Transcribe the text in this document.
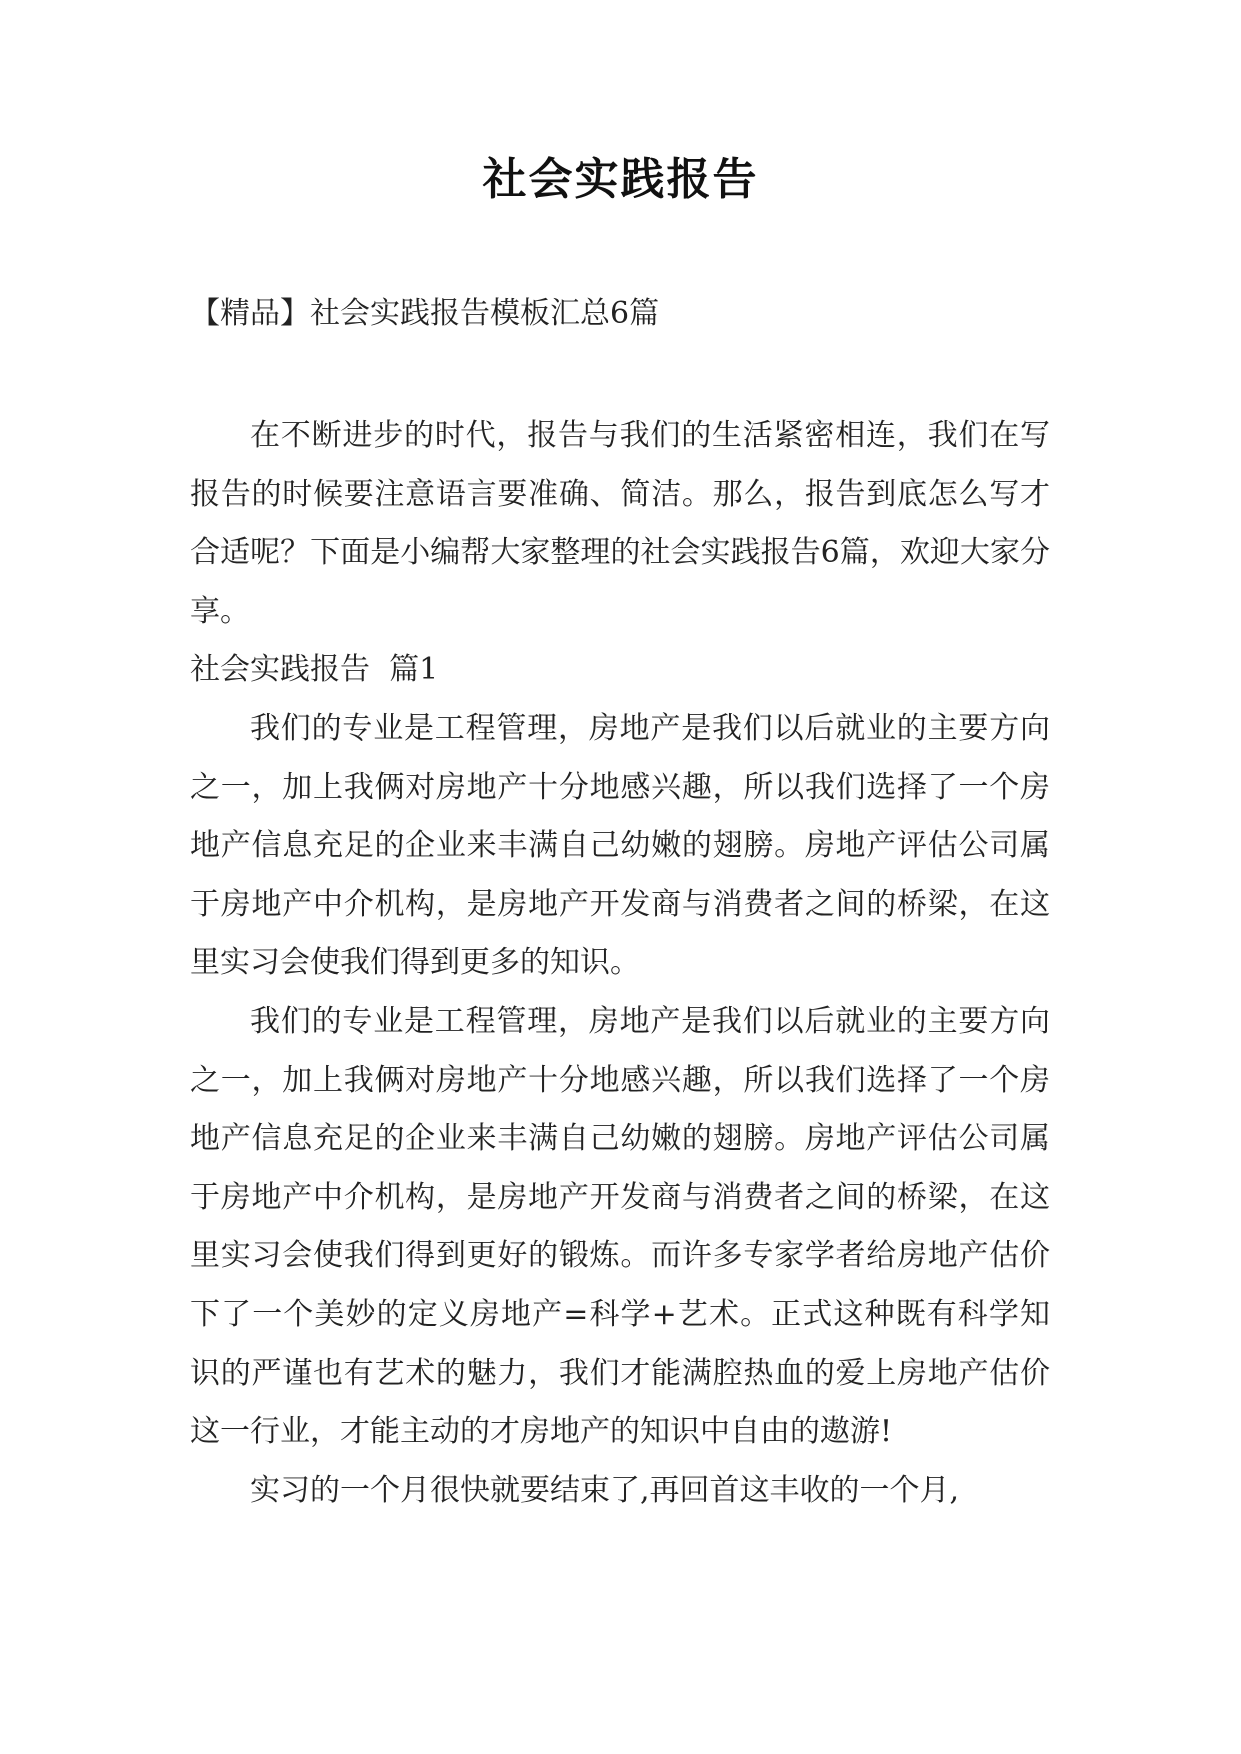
社会实践报告
【精品】社会实践报告模板汇总6篇

在不断进步的时代，报告与我们的生活紧密相连，我们在写报告的时候要注意语言要准确、简洁。那么，报告到底怎么写才合适呢？下面是小编帮大家整理的社会实践报告6篇，欢迎大家分享。

社会实践报告  篇1

我们的专业是工程管理，房地产是我们以后就业的主要方向之一，加上我俩对房地产十分地感兴趣，所以我们选择了一个房地产信息充足的企业来丰满自己幼嫩的翅膀。房地产评估公司属于房地产中介机构，是房地产开发商与消费者之间的桥梁，在这里实习会使我们得到更多的知识。

我们的专业是工程管理，房地产是我们以后就业的主要方向之一，加上我俩对房地产十分地感兴趣，所以我们选择了一个房地产信息充足的企业来丰满自己幼嫩的翅膀。房地产评估公司属于房地产中介机构，是房地产开发商与消费者之间的桥梁，在这里实习会使我们得到更好的锻炼。而许多专家学者给房地产估价下了一个美妙的定义房地产=科学+艺术。正式这种既有科学知识的严谨也有艺术的魅力，我们才能满腔热血的爱上房地产估价这一行业，才能主动的才房地产的知识中自由的遨游!

实习的一个月很快就要结束了,再回首这丰收的一个月,
